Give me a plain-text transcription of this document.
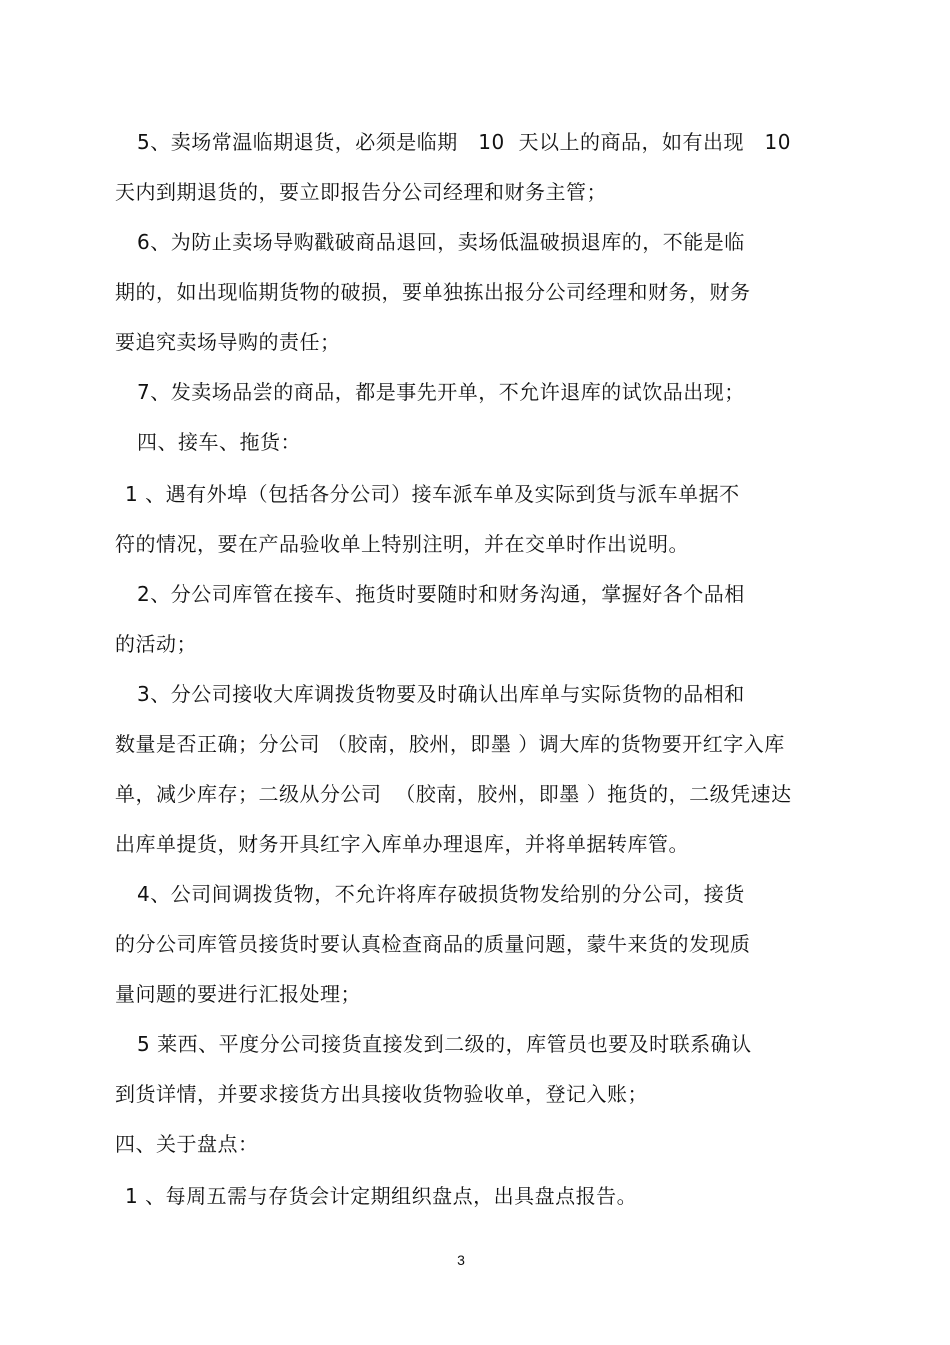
5、卖场常温临期退货，必须是临期   10  天以上的商品，如有出现   10
天内到期退货的，要立即报告分公司经理和财务主管；
6、为防止卖场导购戳破商品退回，卖场低温破损退库的，不能是临
期的，如出现临期货物的破损，要单独拣出报分公司经理和财务，财务
要追究卖场导购的责任；
7、发卖场品尝的商品，都是事先开单，不允许退库的试饮品出现；
四、接车、拖货：
1 、遇有外埠（包括各分公司）接车派车单及实际到货与派车单据不
符的情况，要在产品验收单上特别注明，并在交单时作出说明。
2、分公司库管在接车、拖货时要随时和财务沟通，掌握好各个品相
的活动；
3、分公司接收大库调拨货物要及时确认出库单与实际货物的品相和
数量是否正确；分公司 （胶南，胶州，即墨 ）调大库的货物要开红字入库
单，减少库存；二级从分公司  （胶南，胶州，即墨 ）拖货的，二级凭速达
出库单提货，财务开具红字入库单办理退库，并将单据转库管。
4、公司间调拨货物，不允许将库存破损货物发给别的分公司，接货
的分公司库管员接货时要认真检查商品的质量问题，蒙牛来货的发现质
量问题的要进行汇报处理；
5 莱西、平度分公司接货直接发到二级的，库管员也要及时联系确认
到货详情，并要求接货方出具接收货物验收单，登记入账；
四、关于盘点：
1 、每周五需与存货会计定期组织盘点，出具盘点报告。
3
